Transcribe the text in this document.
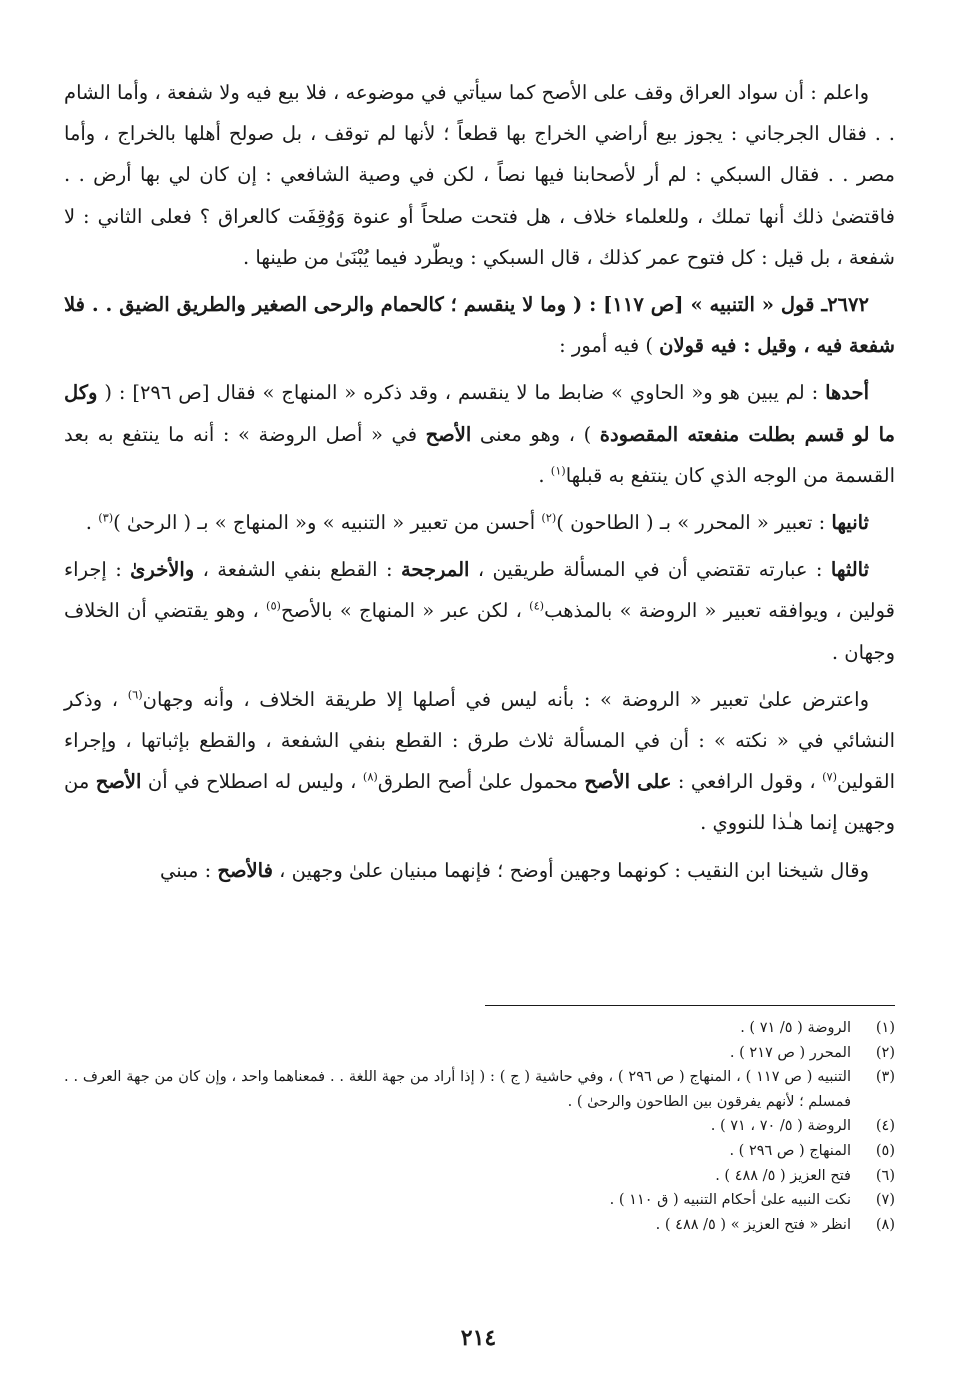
واعلم : أن سواد العراق وقف على الأصح كما سيأتي في موضوعه ، فلا بيع فيه ولا شفعة ، وأما الشام . . فقال الجرجاني : يجوز بيع أراضي الخراج بها قطعاً ؛ لأنها لم توقف ، بل صولح أهلها بالخراج ، وأما مصر . . فقال السبكي : لم أر لأصحابنا فيها نصاً ، لكن في وصية الشافعي : إن كان لي بها أرض . . فاقتضىٰ ذلك أنها تملك ، وللعلماء خلاف ، هل فتحت صلحاً أو عنوة وَوُقِفَت كالعراق ؟ فعلى الثاني : لا شفعة ، بل قيل : كل فتوح عمر كذلك ، قال السبكي : ويطّرد فيما يُبْنَىٰ من طينها .

٢٦٧٢ـ قول « التنبيه » [ص ١١٧] : ( وما لا ينقسم ؛ كالحمام والرحى الصغير والطريق الضيق . . فلا شفعة فيه ، وقيل : فيه قولان ) فيه أمور :

أحدها : لم يبين هو و« الحاوي » ضابط ما لا ينقسم ، وقد ذكره « المنهاج » فقال [ص ٢٩٦] : ( وكل ما لو قسم بطلت منفعته المقصودة ) ، وهو معنى الأصح في « أصل الروضة » : أنه ما ينتفع به بعد القسمة من الوجه الذي كان ينتفع به قبلها$^{(١)}$ .

ثانيها : تعبير « المحرر » بـ ( الطاحون )$^{(٢)}$ أحسن من تعبير « التنبيه » و« المنهاج » بـ ( الرحىٰ )$^{(٣)}$ .

ثالثها : عبارته تقتضي أن في المسألة طريقين ، المرجحة : القطع بنفي الشفعة ، والأخرىٰ : إجراء قولين ، ويوافقه تعبير « الروضة » بالمذهب$^{(٤)}$ ، لكن عبر « المنهاج » بالأصح$^{(٥)}$ ، وهو يقتضي أن الخلاف وجهان .

واعترض علىٰ تعبير « الروضة » : بأنه ليس في أصلها إلا طريقة الخلاف ، وأنه وجهان$^{(٦)}$ ، وذكر النشائي في « نكته » : أن في المسألة ثلاث طرق : القطع بنفي الشفعة ، والقطع بإثباتها ، وإجراء القولين$^{(٧)}$ ، وقول الرافعي : على الأصح محمول علىٰ أصح الطرق$^{(٨)}$ ، وليس له اصطلاح في أن الأصح من وجهين إنما هـٰذا للنووي .

وقال شيخنا ابن النقيب : كونهما وجهين أوضح ؛ فإنهما مبنيان علىٰ وجهين ، فالأصح : مبني

(١)
الروضة ( ٥/ ٧١ ) .
(٢)
المحرر ( ص ٢١٧ ) .
(٣)
التنبيه ( ص ١١٧ ) ، المنهاج ( ص ٢٩٦ ) ، وفي حاشية ( ج ) : ( إذا أراد من جهة اللغة . . فمعناهما واحد ، وإن كان من جهة العرف . . فمسلم ؛ لأنهم يفرقون بين الطاحون والرحىٰ ) .
(٤)
الروضة ( ٥/ ٧٠ ، ٧١ ) .
(٥)
المنهاج ( ص ٢٩٦ ) .
(٦)
فتح العزيز ( ٥/ ٤٨٨ ) .
(٧)
نكت النبيه علىٰ أحكام التنبيه ( ق ١١٠ ) .
(٨)
انظر « فتح العزيز » ( ٥/ ٤٨٨ ) .
٢١٤
